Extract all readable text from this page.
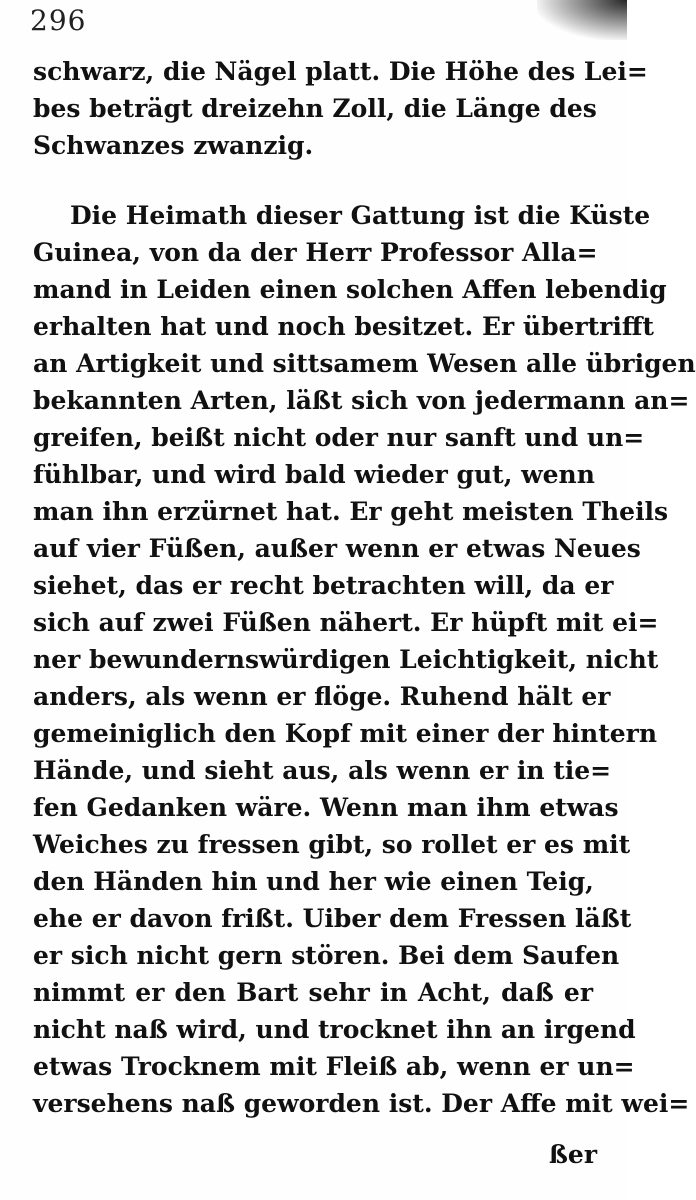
296
schwarz, die Nägel platt. Die Höhe des Lei=
bes beträgt dreizehn Zoll, die Länge des
Schwanzes zwanzig.
Die Heimath dieser Gattung ist die Küste
Guinea, von da der Herr Professor Alla=
mand in Leiden einen solchen Affen lebendig
erhalten hat und noch besitzet. Er übertrifft
an Artigkeit und sittsamem Wesen alle übrigen
bekannten Arten, läßt sich von jedermann an=
greifen, beißt nicht oder nur sanft und un=
fühlbar, und wird bald wieder gut, wenn
man ihn erzürnet hat. Er geht meisten Theils
auf vier Füßen, außer wenn er etwas Neues
siehet, das er recht betrachten will, da er
sich auf zwei Füßen nähert. Er hüpft mit ei=
ner bewundernswürdigen Leichtigkeit, nicht
anders, als wenn er flöge. Ruhend hält er
gemeiniglich den Kopf mit einer der hintern
Hände, und sieht aus, als wenn er in tie=
fen Gedanken wäre. Wenn man ihm etwas
Weiches zu fressen gibt, so rollet er es mit
den Händen hin und her wie einen Teig,
ehe er davon frißt. Uiber dem Fressen läßt
er sich nicht gern stören. Bei dem Saufen
nimmt er den Bart sehr in Acht, daß er
nicht naß wird, und trocknet ihn an irgend
etwas Trocknem mit Fleiß ab, wenn er un=
versehens naß geworden ist. Der Affe mit wei=
ßer
